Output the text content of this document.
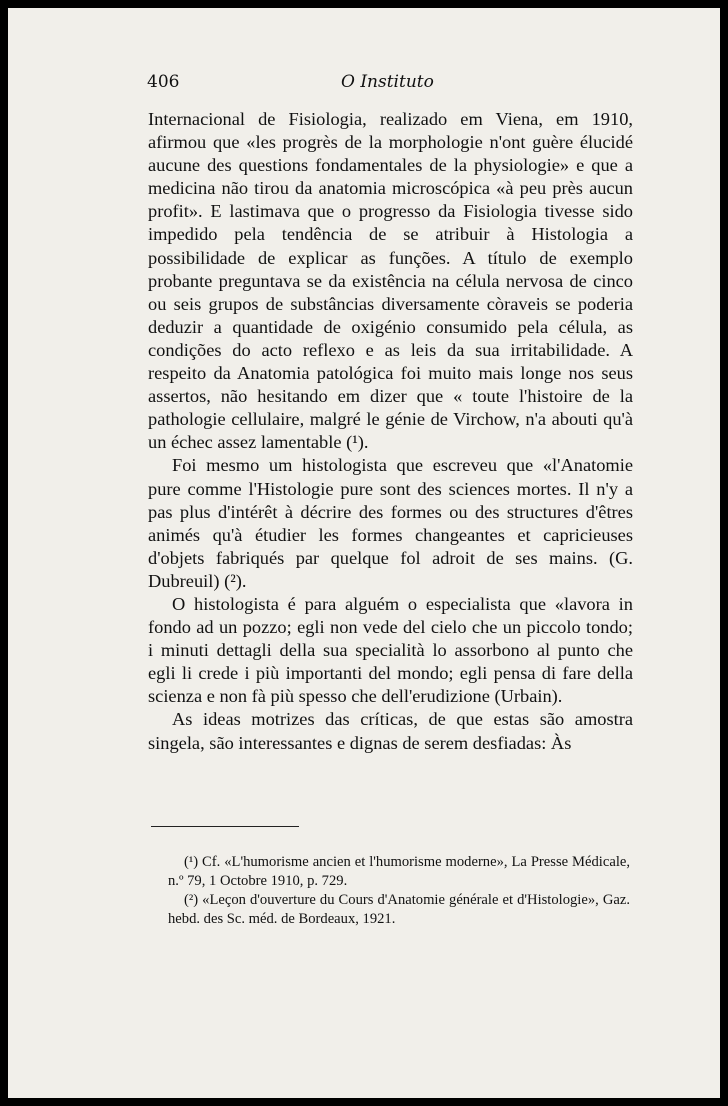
406	O Instituto

Internacional de Fisiologia, realizado em Viena, em 1910, afirmou que «les progrès de la morphologie n'ont guère élucidé aucune des questions fondamentales de la physiologie» e que a medicina não tirou da anatomia microscópica «à peu près aucun profit». E lastimava que o progresso da Fisiologia tivesse sido impedido pela tendência de se atribuir à Histologia a possibilidade de explicar as funções. A título de exemplo probante preguntava se da existência na célula nervosa de cinco ou seis grupos de substâncias diversamente còraveis se poderia deduzir a quantidade de oxigénio consumido pela célula, as condições do acto reflexo e as leis da sua irritabilidade. A respeito da Anatomia patológica foi muito mais longe nos seus assertos, não hesitando em dizer que « toute l'histoire de la pathologie cellulaire, malgré le génie de Virchow, n'a abouti qu'à un échec assez lamentable (¹).

Foi mesmo um histologista que escreveu que «l'Anatomie pure comme l'Histologie pure sont des sciences mortes. Il n'y a pas plus d'intérêt à décrire des formes ou des structures d'êtres animés qu'à étudier les formes changeantes et capricieuses d'objets fabriqués par quelque fol adroit de ses mains. (G. Dubreuil) (²).

O histologista é para alguém o especialista que «lavora in fondo ad un pozzo; egli non vede del cielo che un piccolo tondo; i minuti dettagli della sua specialità lo assorbono al punto che egli li crede i più importanti del mondo; egli pensa di fare della scienza e non fà più spesso che dell'erudizione (Urbain).

As ideas motrizes das críticas, de que estas são amostra singela, são interessantes e dignas de serem desfiadas: Às

(¹) Cf. «L'humorisme ancien et l'humorisme moderne», La Presse Médicale, n.º 79, 1 Octobre 1910, p. 729.

(²) «Leçon d'ouverture du Cours d'Anatomie générale et d'Histologie», Gaz. hebd. des Sc. méd. de Bordeaux, 1921.
